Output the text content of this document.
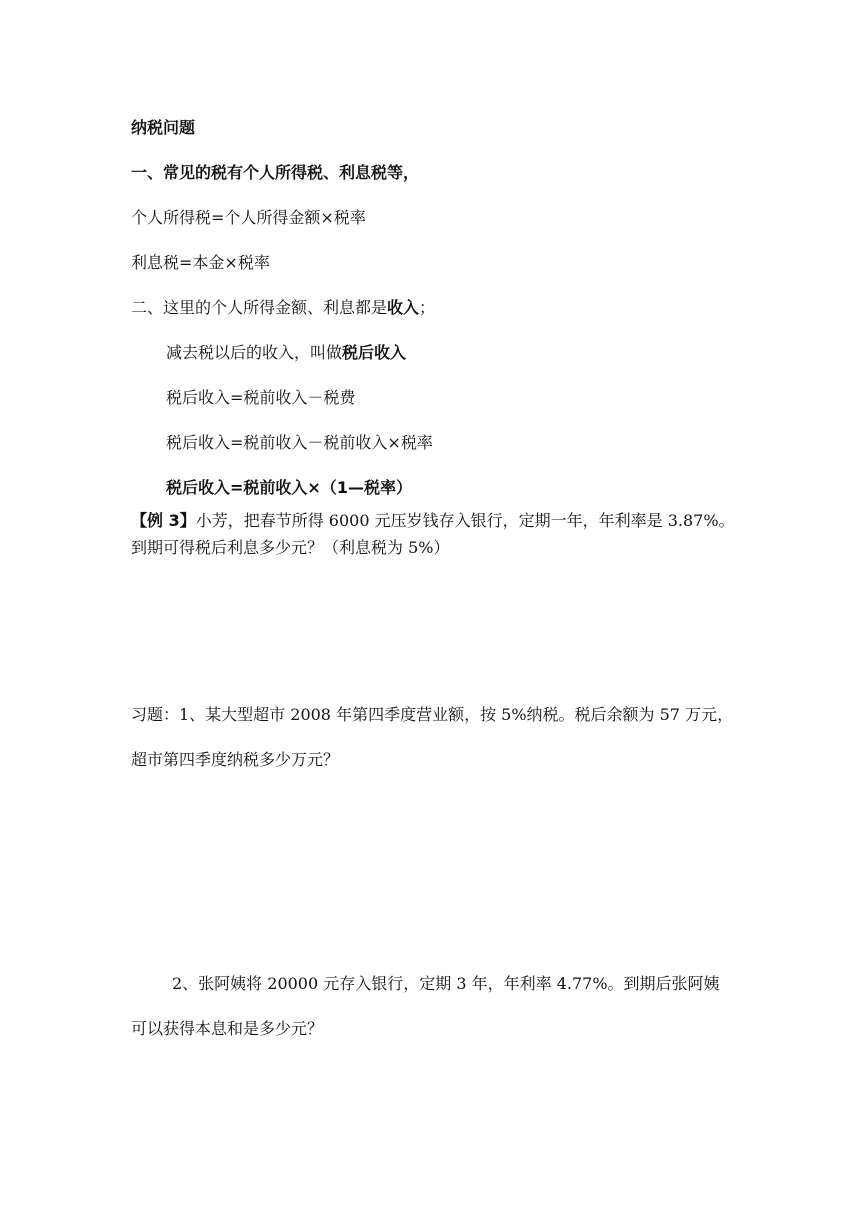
纳税问题
一、常见的税有个人所得税、利息税等，
个人所得税=个人所得金额×税率
利息税=本金×税率
二、这里的个人所得金额、利息都是收入；
减去税以后的收入，叫做税后收入
税后收入=税前收入－税费
税后收入=税前收入－税前收入×税率
税后收入=税前收入×（1—税率）
【例 3】小芳，把春节所得 6000 元压岁钱存入银行，定期一年，年利率是 3.87%。
到期可得税后利息多少元？（利息税为 5%）
习题：1、某大型超市 2008 年第四季度营业额，按 5%纳税。税后余额为 57 万元，
超市第四季度纳税多少万元？
2、张阿姨将 20000 元存入银行，定期 3 年，年利率 4.77%。到期后张阿姨
可以获得本息和是多少元？
